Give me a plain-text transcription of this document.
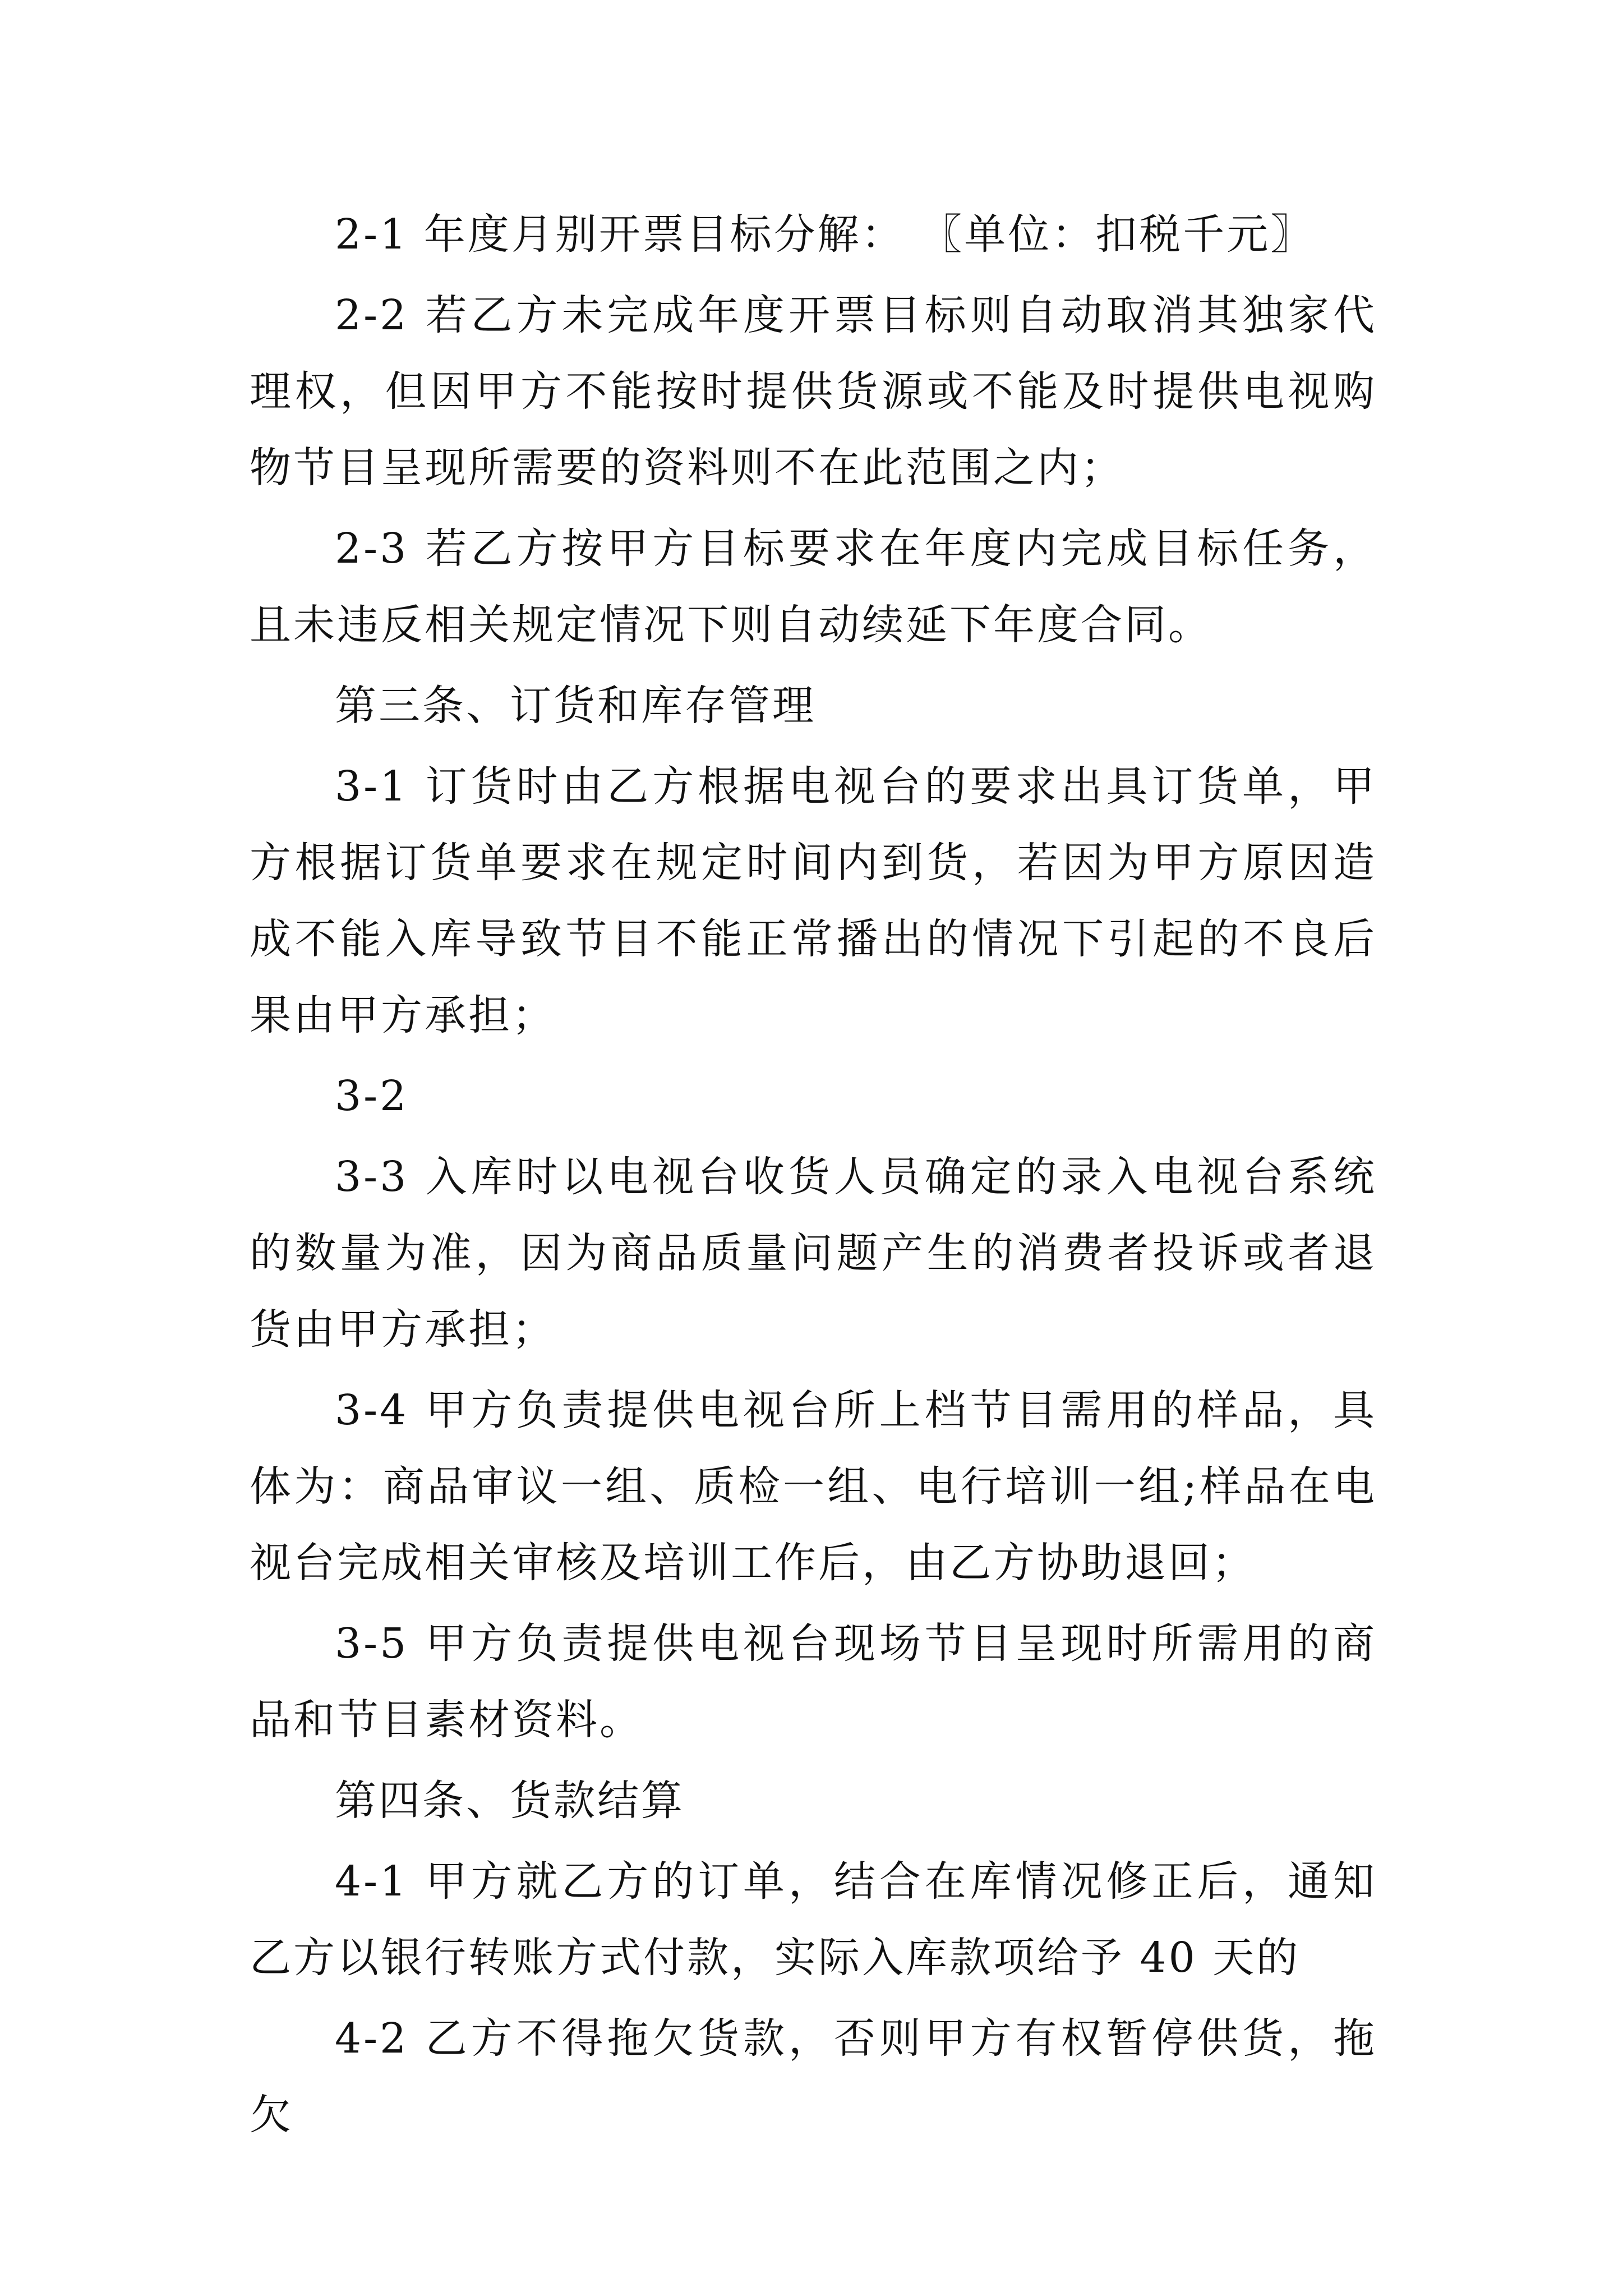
2-1 年度月别开票目标分解： 〖单位：扣税千元〗

2-2 若乙方未完成年度开票目标则自动取消其独家代理权，但因甲方不能按时提供货源或不能及时提供电视购物节目呈现所需要的资料则不在此范围之内；

2-3 若乙方按甲方目标要求在年度内完成目标任务，且未违反相关规定情况下则自动续延下年度合同。

第三条、订货和库存管理

3-1 订货时由乙方根据电视台的要求出具订货单，甲方根据订货单要求在规定时间内到货，若因为甲方原因造成不能入库导致节目不能正常播出的情况下引起的不良后果由甲方承担；

3-2

3-3 入库时以电视台收货人员确定的录入电视台系统的数量为准，因为商品质量问题产生的消费者投诉或者退货由甲方承担；

3-4 甲方负责提供电视台所上档节目需用的样品，具体为：商品审议一组、质检一组、电行培训一组;样品在电视台完成相关审核及培训工作后，由乙方协助退回；

3-5 甲方负责提供电视台现场节目呈现时所需用的商品和节目素材资料。

第四条、货款结算

4-1 甲方就乙方的订单，结合在库情况修正后，通知乙方以银行转账方式付款，实际入库款项给予 40 天的

4-2 乙方不得拖欠货款，否则甲方有权暂停供货，拖欠
